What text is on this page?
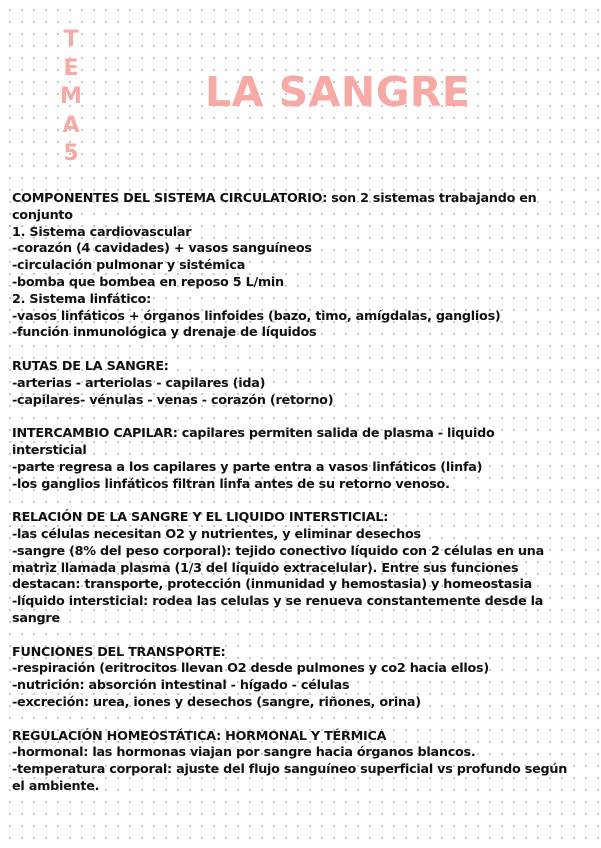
T
E
M
A
5
LA SANGRE
COMPONENTES DEL SISTEMA CIRCULATORIO: son 2 sistemas trabajando en
conjunto
1. Sistema cardiovascular
-corazón (4 cavidades) + vasos sanguíneos
-circulación pulmonar y sistémica
-bomba que bombea en reposo 5 L/min
2. Sistema linfático:
-vasos linfáticos + órganos linfoides (bazo, timo, amígdalas, ganglios)
-función inmunológica y drenaje de líquidos
RUTAS DE LA SANGRE:
-arterias - arteriolas - capilares (ida)
-capilares- vénulas - venas - corazón (retorno)
INTERCAMBIO CAPILAR: capilares permiten salida de plasma - liquido
intersticial
-parte regresa a los capilares y parte entra a vasos linfáticos (linfa)
-los ganglios linfáticos filtran linfa antes de su retorno venoso.
RELACIÓN DE LA SANGRE Y EL LIQUIDO INTERSTICIAL:
-las células necesitan O2 y nutrientes, y eliminar desechos
-sangre (8% del peso corporal): tejido conectivo líquido con 2 células en una
matriz llamada plasma (1/3 del líquido extracelular). Entre sus funciones
destacan: transporte, protección (inmunidad y hemostasia) y homeostasia
-líquido intersticial: rodea las celulas y se renueva constantemente desde la
sangre
FUNCIONES DEL TRANSPORTE:
-respiración (eritrocitos llevan O2 desde pulmones y co2 hacia ellos)
-nutrición: absorción intestinal - hígado - células
-excreción: urea, iones y desechos (sangre, riñones, orina)
REGULACIÓN HOMEOSTÁTICA: HORMONAL Y TÉRMICA
-hormonal: las hormonas viajan por sangre hacia órganos blancos.
-temperatura corporal: ajuste del flujo sanguíneo superficial vs profundo según
el ambiente.
